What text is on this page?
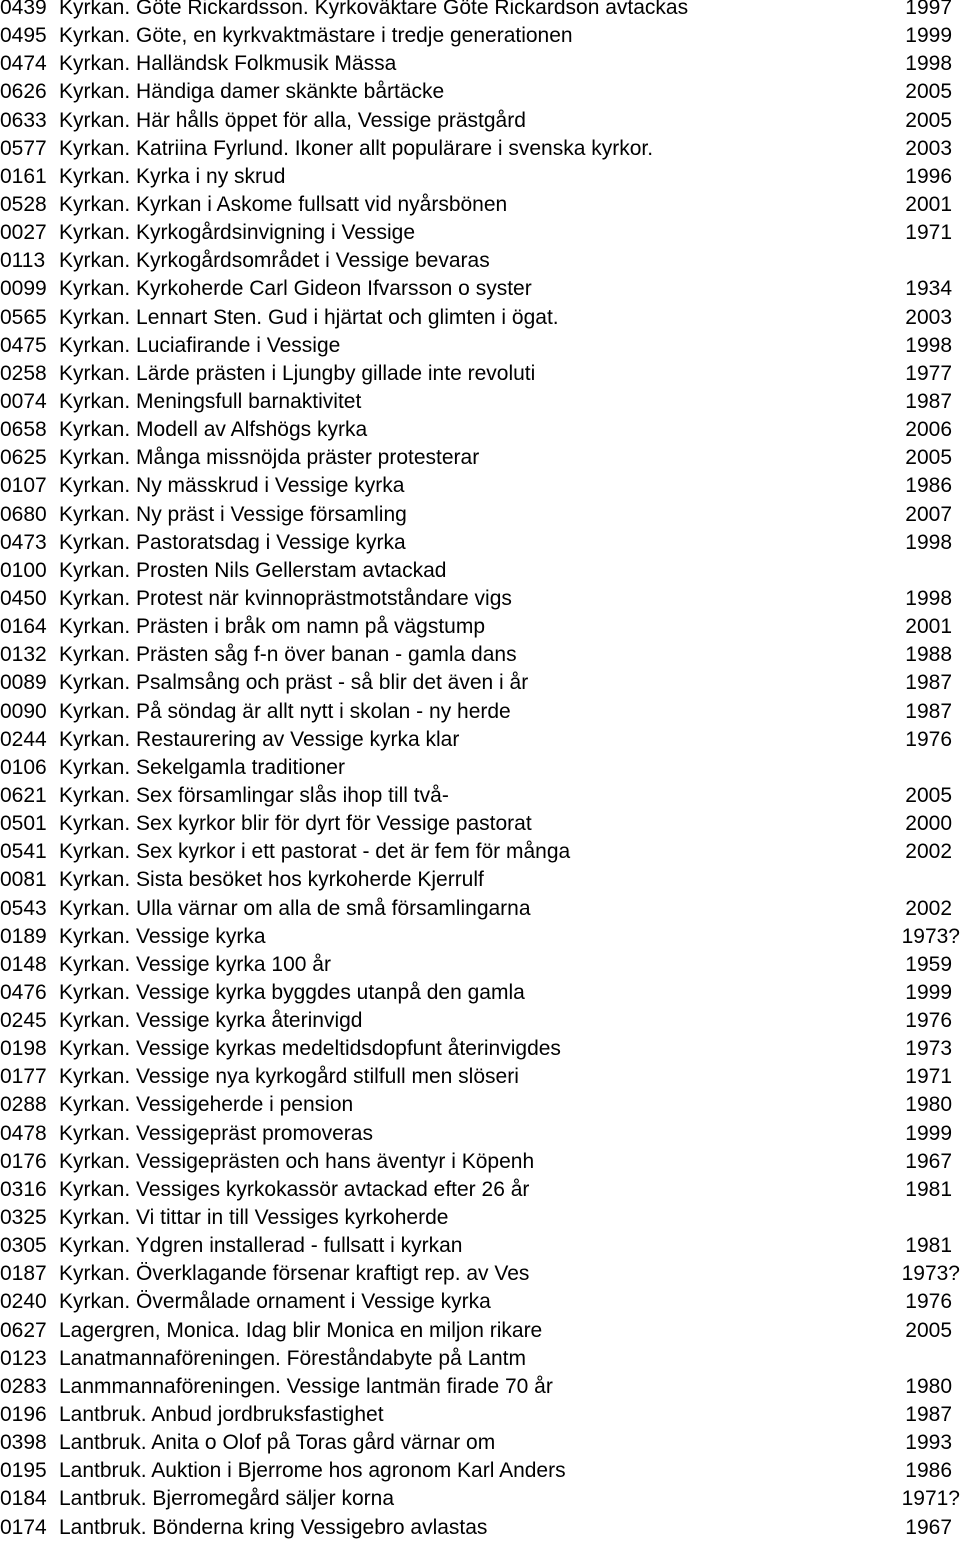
0439 Kyrkan. Göte Rickardsson. Kyrkoväktare Göte Rickardson avtackas	1997
0495 Kyrkan. Göte, en kyrkvaktmästare i tredje generationen	1999
0474 Kyrkan. Halländsk Folkmusik Mässa	1998
0626 Kyrkan. Händiga damer skänkte bårtäcke	2005
0633 Kyrkan. Här hålls öppet för alla, Vessige prästgård	2005
0577 Kyrkan. Katriina Fyrlund. Ikoner allt populärare i svenska kyrkor.	2003
0161 Kyrkan. Kyrka i ny skrud	1996
0528 Kyrkan. Kyrkan i Askome fullsatt vid nyårsbönen	2001
0027 Kyrkan. Kyrkogårdsinvigning i Vessige	1971
0113 Kyrkan. Kyrkogårdsområdet i Vessige bevaras
0099 Kyrkan. Kyrkoherde Carl Gideon Ifvarsson o syster	1934
0565 Kyrkan. Lennart Sten. Gud i hjärtat och glimten i ögat.	2003
0475 Kyrkan. Luciafirande i Vessige	1998
0258 Kyrkan. Lärde prästen i Ljungby gillade inte revoluti	1977
0074 Kyrkan. Meningsfull barnaktivitet	1987
0658 Kyrkan. Modell av Alfshögs kyrka	2006
0625 Kyrkan. Många missnöjda präster protesterar	2005
0107 Kyrkan. Ny mässkrud i Vessige kyrka	1986
0680 Kyrkan. Ny präst i Vessige församling	2007
0473 Kyrkan. Pastoratsdag i Vessige kyrka	1998
0100 Kyrkan. Prosten Nils Gellerstam avtackad
0450 Kyrkan. Protest när kvinnoprästmotståndare vigs	1998
0164 Kyrkan. Prästen i bråk om namn på vägstump	2001
0132 Kyrkan. Prästen såg f-n över banan - gamla dans	1988
0089 Kyrkan. Psalmsång och präst - så blir det även i år	1987
0090 Kyrkan. På söndag är allt nytt i skolan - ny herde	1987
0244 Kyrkan. Restaurering av Vessige kyrka klar	1976
0106 Kyrkan. Sekelgamla traditioner
0621 Kyrkan. Sex församlingar slås ihop till två-	2005
0501 Kyrkan. Sex kyrkor blir för dyrt för Vessige pastorat	2000
0541 Kyrkan. Sex kyrkor i ett pastorat - det är fem för många	2002
0081 Kyrkan. Sista besöket hos kyrkoherde Kjerrulf
0543 Kyrkan. Ulla värnar om alla de små församlingarna	2002
0189 Kyrkan. Vessige kyrka	1973?
0148 Kyrkan. Vessige kyrka 100 år	1959
0476 Kyrkan. Vessige kyrka byggdes utanpå den gamla	1999
0245 Kyrkan. Vessige kyrka återinvigd	1976
0198 Kyrkan. Vessige kyrkas medeltidsdopfunt återinvigdes	1973
0177 Kyrkan. Vessige nya kyrkogård stilfull men slöseri	1971
0288 Kyrkan. Vessigeherde i pension	1980
0478 Kyrkan. Vessigepräst promoveras	1999
0176 Kyrkan. Vessigeprästen och hans äventyr i Köpenh	1967
0316 Kyrkan. Vessiges kyrkokassör avtackad efter 26 år	1981
0325 Kyrkan. Vi tittar in till Vessiges kyrkoherde
0305 Kyrkan. Ydgren installerad - fullsatt i kyrkan	1981
0187 Kyrkan. Överklagande försenar kraftigt rep. av Ves	1973?
0240 Kyrkan. Övermålade ornament i Vessige kyrka	1976
0627 Lagergren, Monica. Idag blir Monica en miljon rikare	2005
0123 Lanatmannaföreningen. Föreståndabyte på Lantm
0283 Lanmmannaföreningen. Vessige lantmän firade 70 år	1980
0196 Lantbruk. Anbud jordbruksfastighet	1987
0398 Lantbruk. Anita o Olof på Toras gård värnar om	1993
0195 Lantbruk. Auktion i Bjerrome hos agronom Karl Anders	1986
0184 Lantbruk. Bjerromegård säljer korna	1971?
0174 Lantbruk. Bönderna kring Vessigebro avlastas	1967
